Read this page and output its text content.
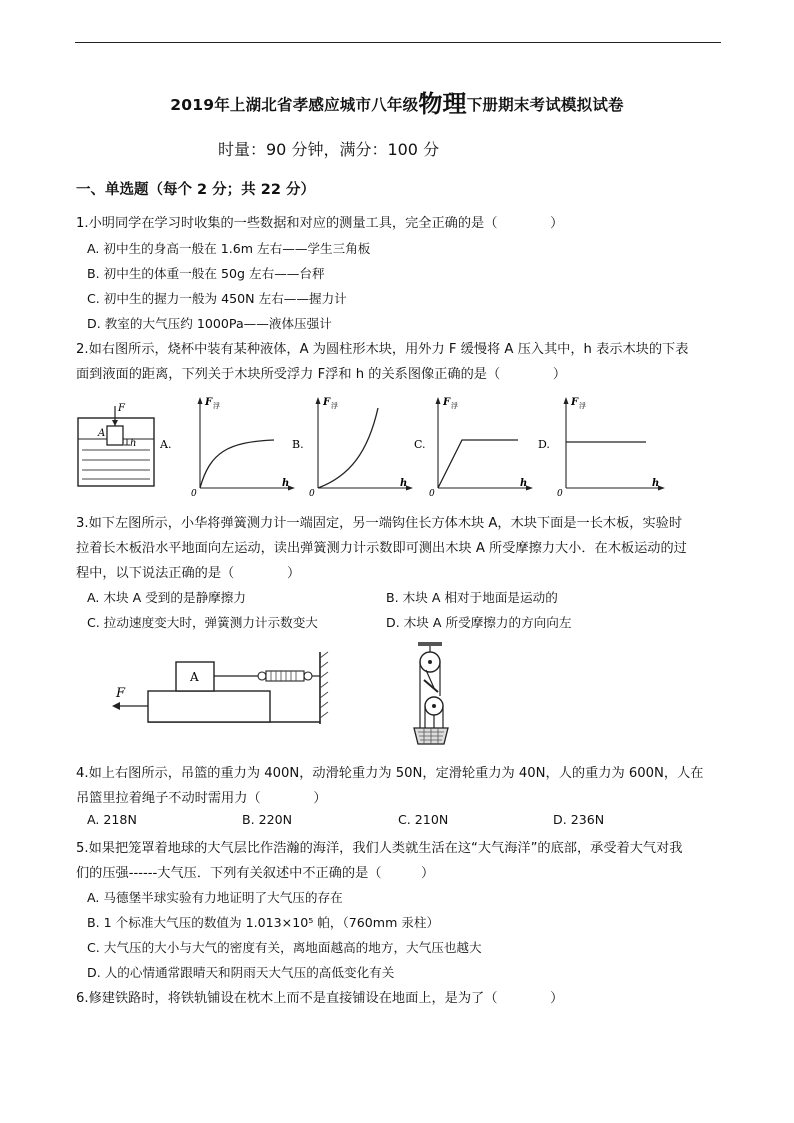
2019年上湖北省孝感应城市八年级物理下册期末考试模拟试卷
时量：90 分钟，满分：100 分
一、单选题（每个 2 分；共 22 分）
1.小明同学在学习时收集的一些数据和对应的测量工具，完全正确的是（　　　　）
A. 初中生的身高一般在 1.6m 左右——学生三角板
B. 初中生的体重一般在 50g 左右——台秤
C. 初中生的握力一般为 450N 左右——握力计
D. 教室的大气压约 1000Pa——液体压强计
2.如右图所示，烧杯中装有某种液体，A 为圆柱形木块，用外力 F 缓慢将 A 压入其中，h 表示木块的下表
面到液面的距离，下列关于木块所受浮力 F浮和 h 的关系图像正确的是（　　　　）
F
A
h A.
F 浮
h
0
B.
F 浮
h
0
C.
F 浮
h
0
D.
F 浮
h
0
3.如下左图所示，小华将弹簧测力计一端固定，另一端钩住长方体木块 A，木块下面是一长木板，实验时
拉着长木板沿水平地面向左运动，读出弹簧测力计示数即可测出木块 A 所受摩擦力大小．在木板运动的过
程中，以下说法正确的是（　　　　）
A. 木块 A 受到的是静摩擦力	B. 木块 A 相对于地面是运动的
C. 拉动速度变大时，弹簧测力计示数变大	D. 木块 A 所受摩擦力的方向向左
A
F
4.如上右图所示，吊篮的重力为 400N，动滑轮重力为 50N，定滑轮重力为 40N，人的重力为 600N，人在
吊篮里拉着绳子不动时需用力（　　　　）
A. 218N	B. 220N	C. 210N	D. 236N
5.如果把笼罩着地球的大气层比作浩瀚的海洋，我们人类就生活在这“大气海洋”的底部，承受着大气对我
们的压强------大气压．下列有关叙述中不正确的是（　　　）
A. 马德堡半球实验有力地证明了大气压的存在
B. 1 个标准大气压的数值为 1.013×10⁵ 帕，（760mm 汞柱）
C. 大气压的大小与大气的密度有关，离地面越高的地方，大气压也越大
D. 人的心情通常跟晴天和阴雨天大气压的高低变化有关
6.修建铁路时，将铁轨铺设在枕木上而不是直接铺设在地面上，是为了（　　　　）
